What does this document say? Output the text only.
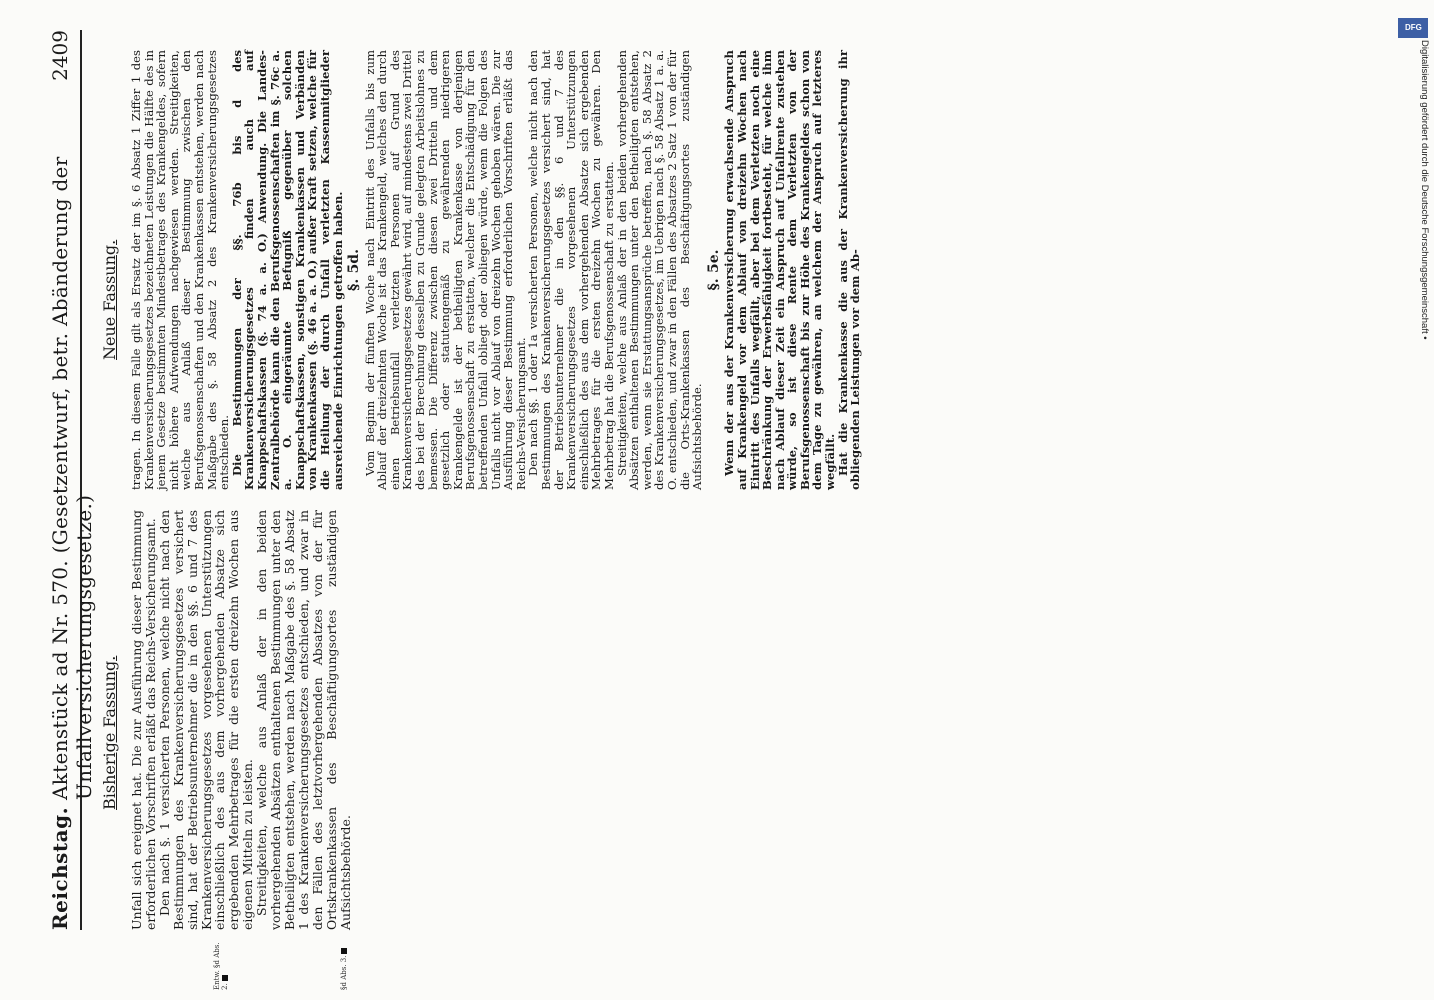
Reichstag.
Aktenstück ad Nr. 570. (Gesetzentwurf, betr. Abänderung der Unfallversicherungsgesetze.)
2409
Bisherige Fassung.
Neue Fassung.

Unfall sich ereignet hat. Die zur Ausführung dieser Bestimmung erforderlichen Vorschriften erläßt das Reichs-Versicherungsamt.

Den nach §. 1 versicherten Personen, welche nicht nach den Bestimmungen des Krankenversicherungsgesetzes versichert sind, hat der Betriebsunternehmer die in den §§. 6 und 7 des Krankenversicherungsgesetzes vorgesehenen Unterstützungen einschließlich des aus dem vorhergehenden Absatze sich ergebenden Mehrbetrages für die ersten dreizehn Wochen aus eigenen Mitteln zu leisten.

Streitigkeiten, welche aus Anlaß der in den beiden vorhergehenden Absätzen enthaltenen Bestimmungen unter den Betheiligten entstehen, werden nach Maßgabe des §. 58 Absatz 1 des Krankenversicherungsgesetzes entschieden, und zwar in den Fällen des letztvorhergehenden Absatzes von der für Ortskrankenkassen des Beschäftigungsortes zuständigen Aufsichtsbehörde.

Entw. §d Abs. 2.	§d Abs. 3.

tragen. In diesem Falle gilt als Ersatz der im §. 6 Absatz 1 Ziffer 1 des Krankenversicherungsgesetzes bezeichneten Leistungen die Hälfte des in jenem Gesetze bestimmten Mindestbetrages des Krankengeldes, sofern nicht höhere Aufwendungen nachgewiesen werden. Streitigkeiten, welche aus Anlaß dieser Bestimmung zwischen den Berufsgenossenschaften und den Krankenkassen entstehen, werden nach Maßgabe des §. 58 Absatz 2 des Krankenversicherungsgesetzes entschieden.

Die Bestimmungen der §§. 76b bis d des Krankenversicherungsgesetzes finden auch auf Knappschaftskassen (§. 74 a. a. O.) Anwendung. Die Landes-Zentralbehörde kann die den Berufsgenossenschaften im §. 76c a. a. O. eingeräumte Befugniß gegenüber solchen Knappschaftskassen, sonstigen Krankenkassen und Verbänden von Krankenkassen (§. 46 a. a. O.) außer Kraft setzen, welche für die Heilung der durch Unfall verletzten Kassenmitglieder ausreichende Einrichtungen getroffen haben. §. 5d. Vom Beginn der fünften Woche nach Eintritt des Unfalls bis zum Ablauf der dreizehnten Woche ist das Krankengeld, welches den durch einen Betriebsunfall verletzten Personen auf Grund des Krankenversicherungsgesetzes gewährt wird, auf mindestens zwei Drittel des bei der Berechnung desselben zu Grunde gelegten Arbeitslohnes zu bemessen. Die Differenz zwischen diesen zwei Dritteln und dem gesetzlich oder statutengemäß zu gewährenden niedrigeren Krankengelde ist der betheiligten Krankenkasse von derjenigen Berufsgenossenschaft zu erstatten, welcher die Entschädigung für den betreffenden Unfall obliegt oder obliegen würde, wenn die Folgen des Unfalls nicht vor Ablauf von dreizehn Wochen gehoben wären. Die zur Ausführung dieser Bestimmung erforderlichen Vorschriften erläßt das Reichs-Versicherungsamt.

Den nach §§. 1 oder 1a versicherten Personen, welche nicht nach den Bestimmungen des Krankenversicherungsgesetzes versichert sind, hat der Betriebsunternehmer die in den §§. 6 und 7 des Krankenversicherungsgesetzes vorgesehenen Unterstützungen einschließlich des aus dem vorhergehenden Absatze sich ergebenden Mehrbetrages für die ersten dreizehn Wochen zu gewähren. Den Mehrbetrag hat die Berufsgenossenschaft zu erstatten.

Streitigkeiten, welche aus Anlaß der in den beiden vorhergehenden Absätzen enthaltenen Bestimmungen unter den Betheiligten entstehen, werden, wenn sie Erstattungsansprüche betreffen, nach §. 58 Absatz 2 des Krankenversicherungsgesetzes, im Uebrigen nach §. 58 Absatz 1 a. a. O. entschieden, und zwar in den Fällen des Absatzes 2 Satz 1 von der für die Orts-Krankenkassen des Beschäftigungsortes zuständigen Aufsichtsbehörde.

§. 5e. Wenn der aus der Krankenversicherung erwachsende Anspruch auf Krankengeld vor dem Ablauf von dreizehn Wochen nach Eintritt des Unfalls wegfällt, aber bei dem Verletzten noch eine Beschränkung der Erwerbsfähigkeit fortbesteht, für welche ihm nach Ablauf dieser Zeit ein Anspruch auf Unfallrente zustehen würde, so ist diese Rente dem Verletzten von der Berufsgenossenschaft bis zur Höhe des Krankengeldes schon von dem Tage zu gewähren, an welchem der Anspruch auf letzteres wegfällt.

Hat die Krankenkasse die aus der Krankenversicherung ihr obliegenden Leistungen vor dem Ab-

DFG
Digitalisierung gefördert durch die Deutsche Forschungsgemeinschaft •
